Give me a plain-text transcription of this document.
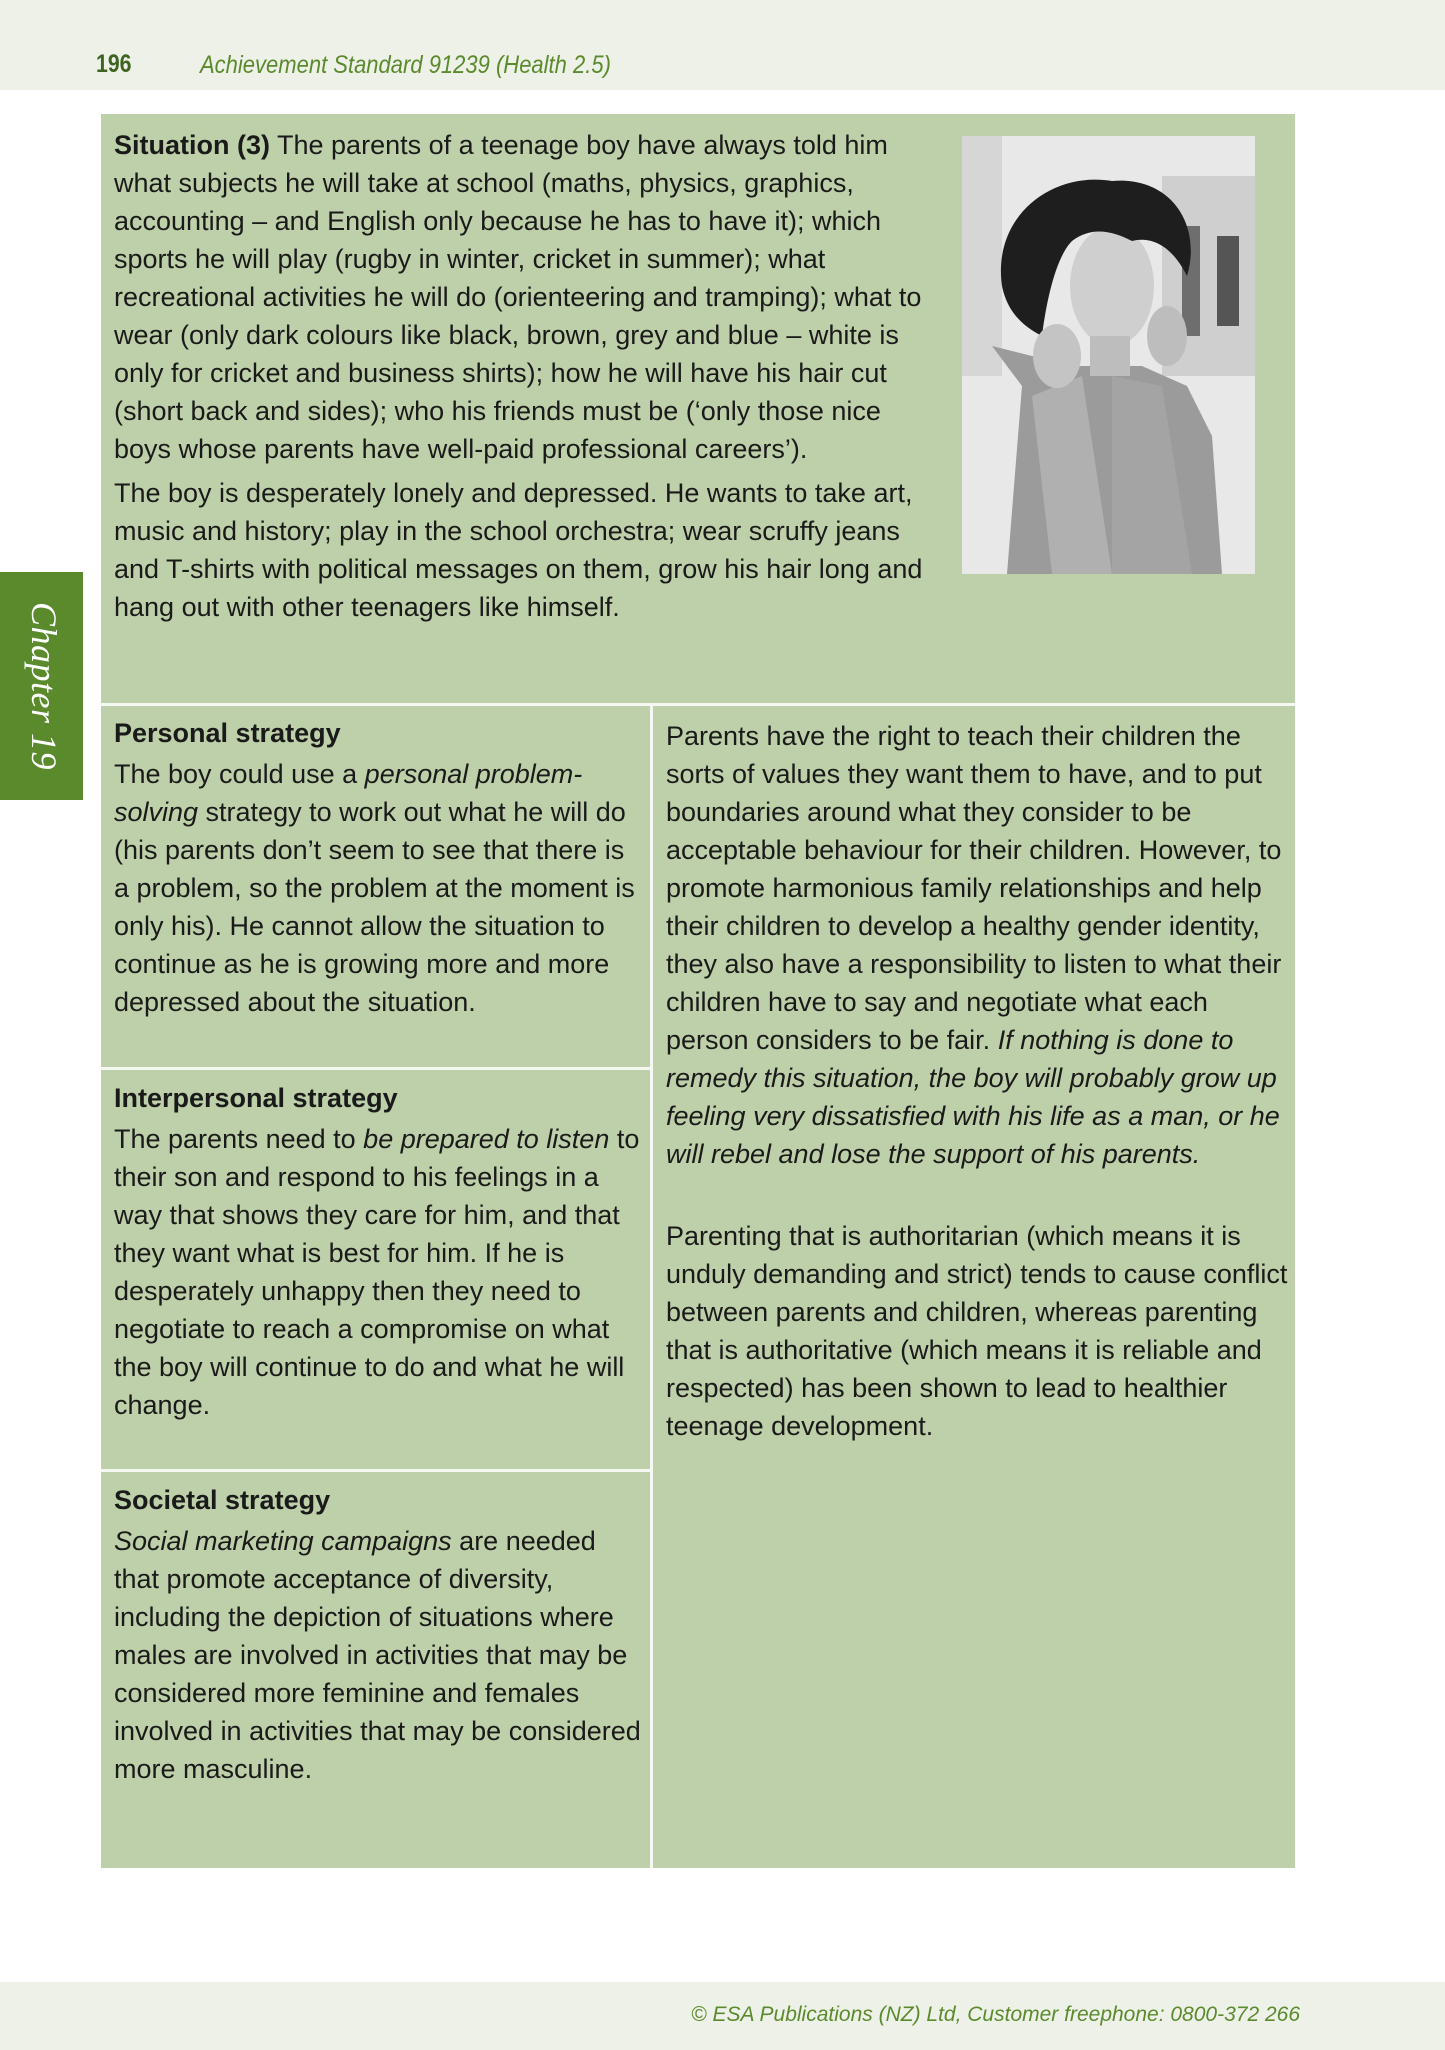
196	Achievement Standard 91239 (Health 2.5)
Chapter 19

Situation (3) The parents of a teenage boy have always told him what subjects he will take at school (maths, physics, graphics, accounting – and English only because he has to have it); which sports he will play (rugby in winter, cricket in summer); what recreational activities he will do (orienteering and tramping); what to wear (only dark colours like black, brown, grey and blue – white is only for cricket and business shirts); how he will have his hair cut (short back and sides); who his friends must be (‘only those nice boys whose parents have well-paid professional careers’).

The boy is desperately lonely and depressed. He wants to take art, music and history; play in the school orchestra; wear scruffy jeans and T-shirts with political messages on them, grow his hair long and hang out with other teenagers like himself.

Personal strategy

The boy could use a personal problem-solving strategy to work out what he will do (his parents don’t seem to see that there is a problem, so the problem at the moment is only his). He cannot allow the situation to continue as he is growing more and more depressed about the situation.

Interpersonal strategy

The parents need to be prepared to listen to their son and respond to his feelings in a way that shows they care for him, and that they want what is best for him. If he is desperately unhappy then they need to negotiate to reach a compromise on what the boy will continue to do and what he will change.

Societal strategy

Social marketing campaigns are needed that promote acceptance of diversity, including the depiction of situations where males are involved in activities that may be considered more feminine and females involved in activities that may be considered more masculine.

Parents have the right to teach their children the sorts of values they want them to have, and to put boundaries around what they consider to be acceptable behaviour for their children. However, to promote harmonious family relationships and help their children to develop a healthy gender identity, they also have a responsibility to listen to what their children have to say and negotiate what each person considers to be fair. If nothing is done to remedy this situation, the boy will probably grow up feeling very dissatisfied with his life as a man, or he will rebel and lose the support of his parents.

Parenting that is authoritarian (which means it is unduly demanding and strict) tends to cause conflict between parents and children, whereas parenting that is authoritative (which means it is reliable and respected) has been shown to lead to healthier teenage development.

© ESA Publications (NZ) Ltd, Customer freephone: 0800-372 266
